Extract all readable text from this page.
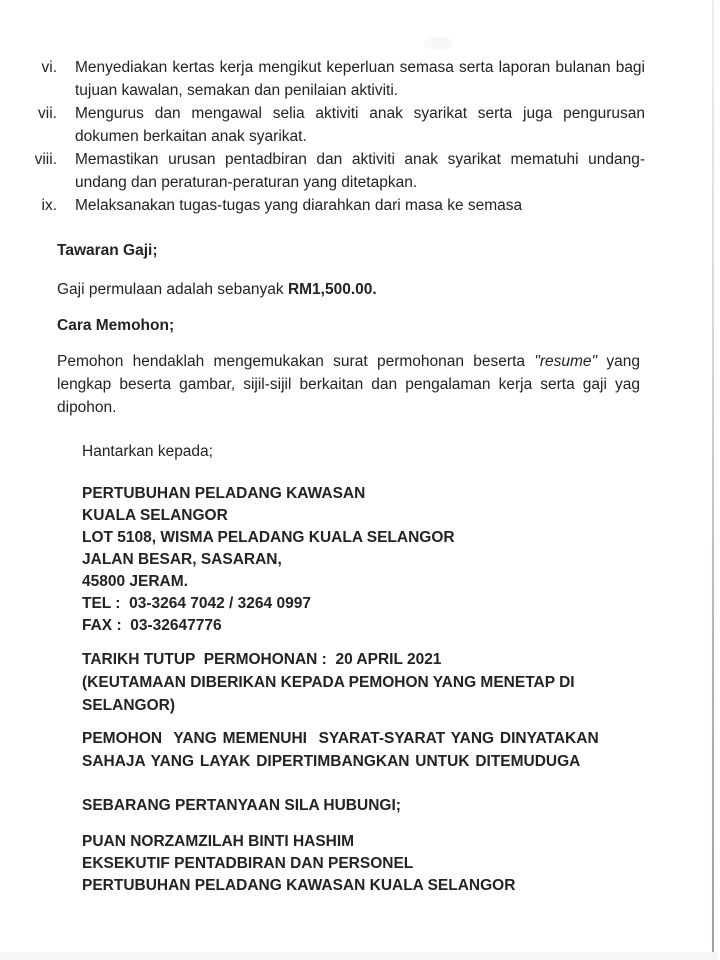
vi. Menyediakan kertas kerja mengikut keperluan semasa serta laporan bulanan bagi tujuan kawalan, semakan dan penilaian aktiviti.
vii. Mengurus dan mengawal selia aktiviti anak syarikat serta juga pengurusan dokumen berkaitan anak syarikat.
viii. Memastikan urusan pentadbiran dan aktiviti anak syarikat mematuhi undang-undang dan peraturan-peraturan yang ditetapkan.
ix. Melaksanakan tugas-tugas yang diarahkan dari masa ke semasa
Tawaran Gaji;

Gaji permulaan adalah sebanyak RM1,500.00.

Cara Memohon;

Pemohon hendaklah mengemukakan surat permohonan beserta "resume" yang lengkap beserta gambar, sijil-sijil berkaitan dan pengalaman kerja serta gaji yag dipohon.

Hantarkan kepada;
PERTUBUHAN PELADANG KAWASAN
KUALA SELANGOR
LOT 5108, WISMA PELADANG KUALA SELANGOR
JALAN BESAR, SASARAN,
45800 JERAM.
TEL :  03-3264 7042 / 3264 0997
FAX :  03-32647776
TARIKH TUTUP  PERMOHONAN :  20 APRIL 2021
(KEUTAMAAN DIBERIKAN KEPADA PEMOHON YANG MENETAP DI SELANGOR)
PEMOHON  YANG MEMENUHI  SYARAT-SYARAT YANG DINYATAKAN SAHAJA YANG LAYAK DIPERTIMBANGKAN UNTUK DITEMUDUGA
SEBARANG PERTANYAAN SILA HUBUNGI;
PUAN NORZAMZILAH BINTI HASHIM
EKSEKUTIF PENTADBIRAN DAN PERSONEL
PERTUBUHAN PELADANG KAWASAN KUALA SELANGOR
